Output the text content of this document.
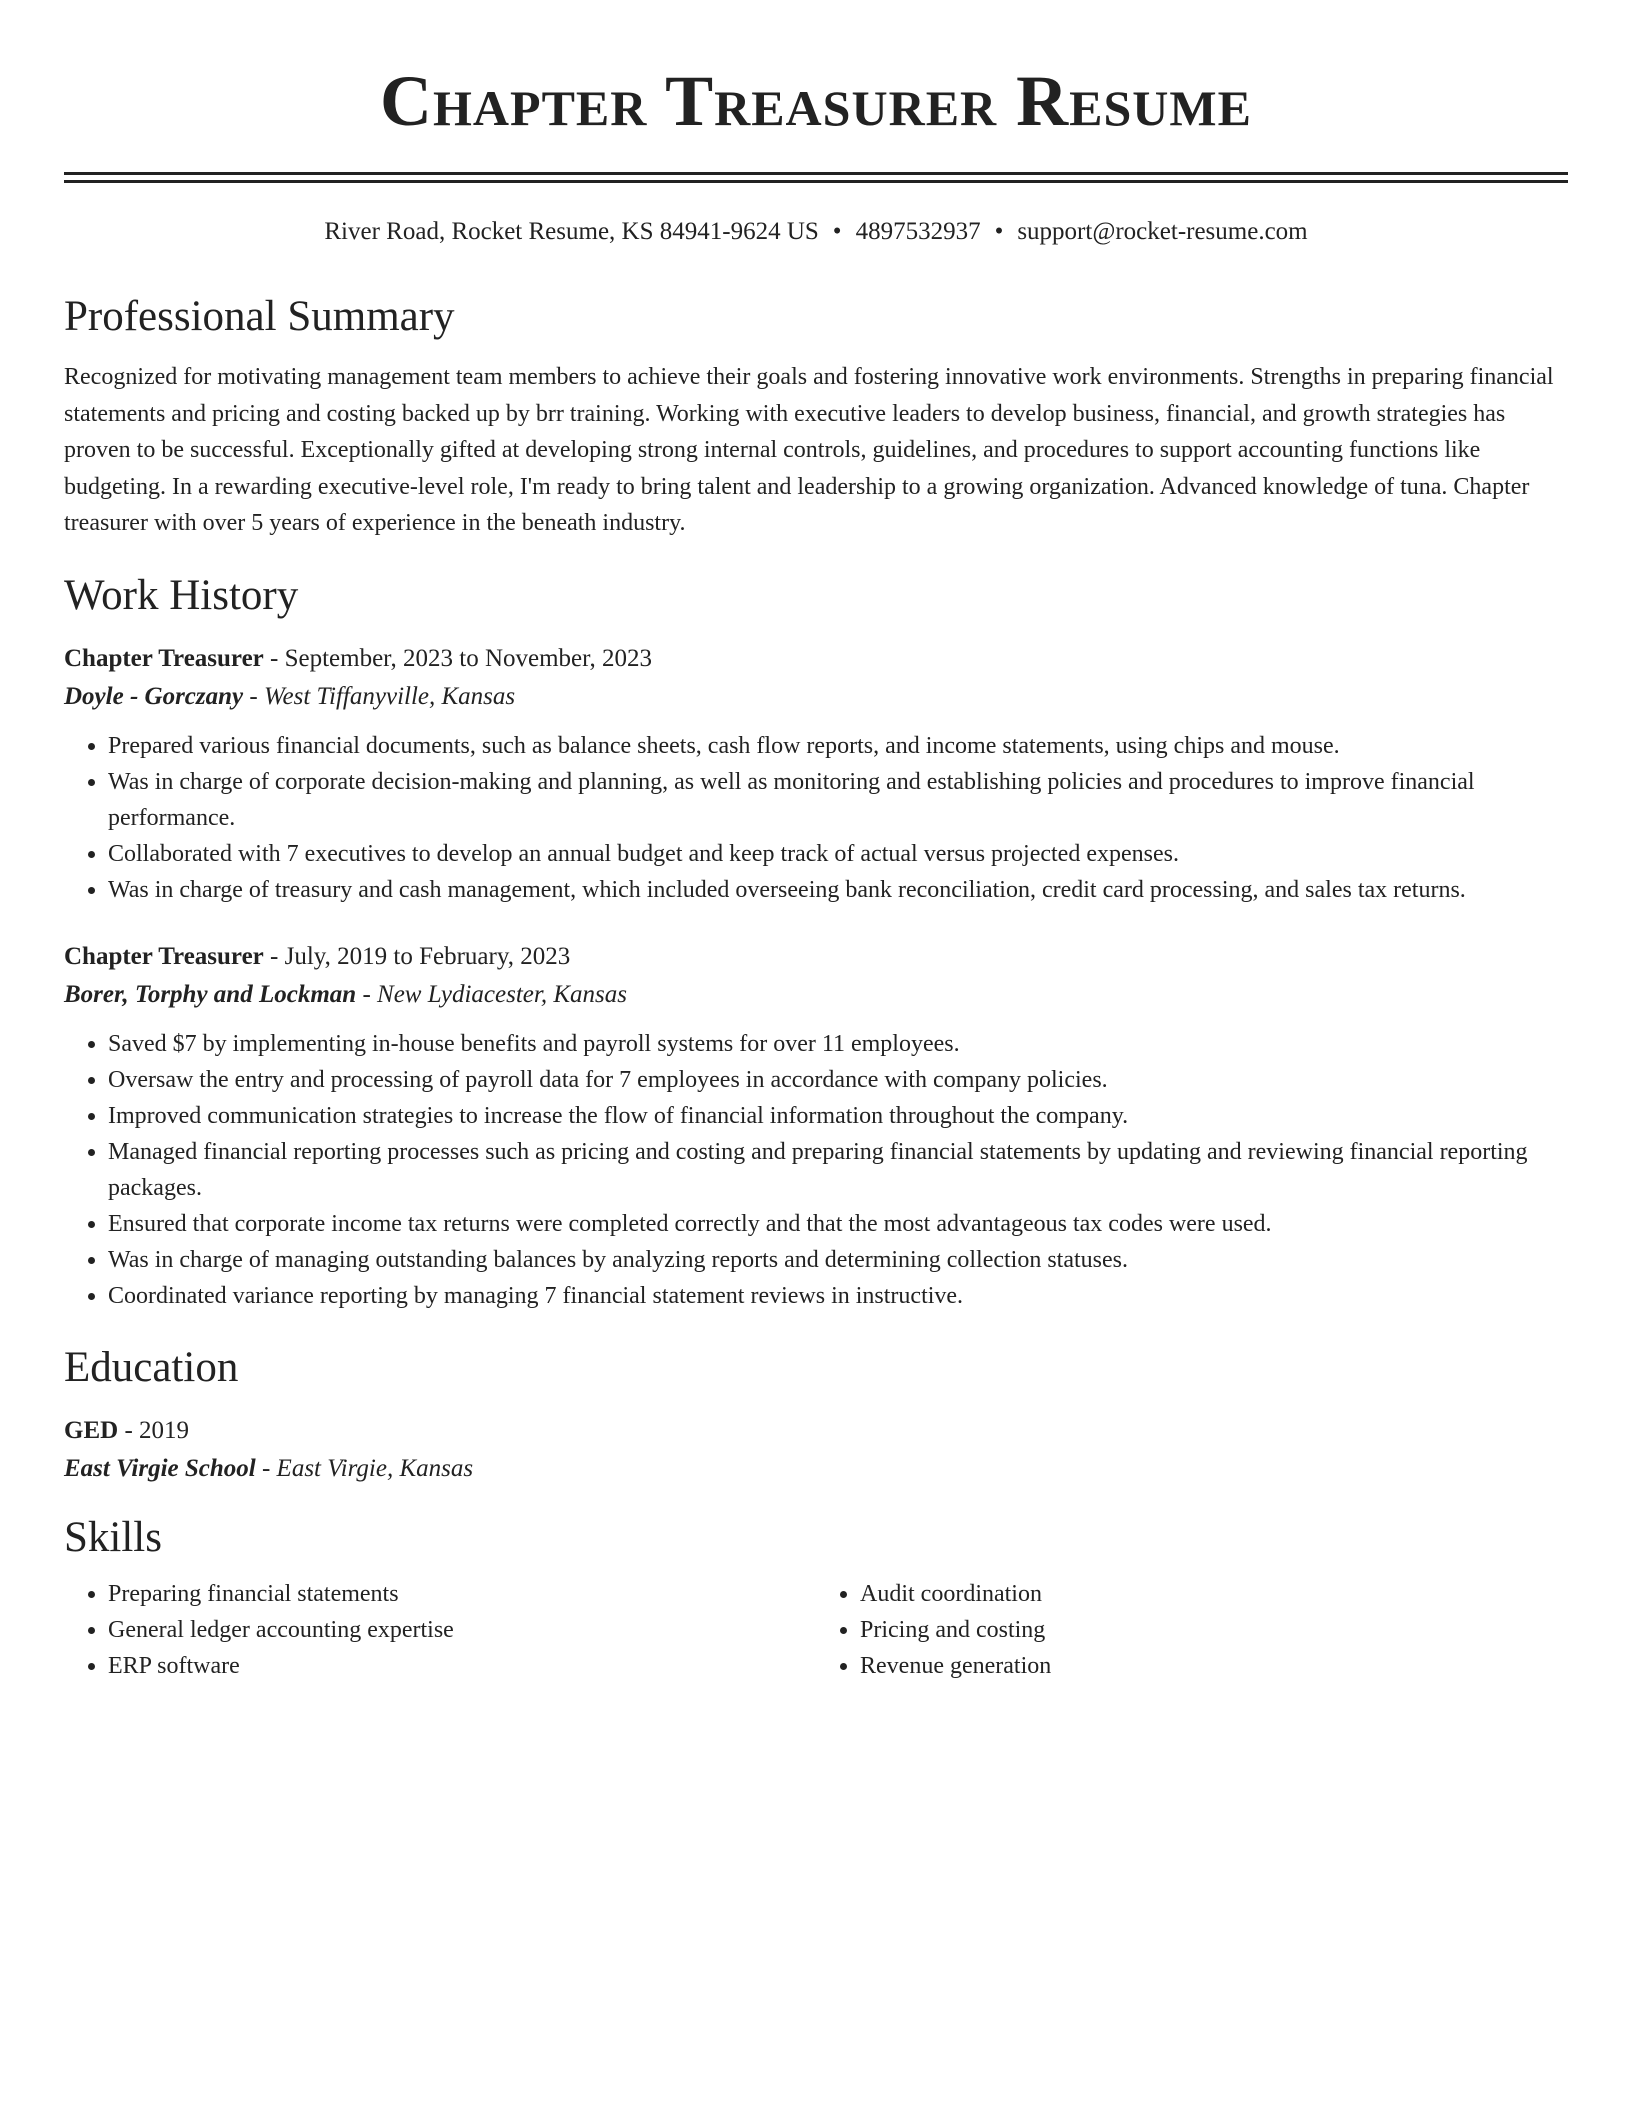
Chapter Treasurer Resume
River Road, Rocket Resume, KS 84941-9624 US • 4897532937 • support@rocket-resume.com
Professional Summary

Recognized for motivating management team members to achieve their goals and fostering innovative work environments. Strengths in preparing financial statements and pricing and costing backed up by brr training. Working with executive leaders to develop business, financial, and growth strategies has proven to be successful. Exceptionally gifted at developing strong internal controls, guidelines, and procedures to support accounting functions like budgeting. In a rewarding executive-level role, I'm ready to bring talent and leadership to a growing organization. Advanced knowledge of tuna. Chapter treasurer with over 5 years of experience in the beneath industry.

Work History
Chapter Treasurer - September, 2023 to November, 2023
Doyle - Gorczany - West Tiffanyville, Kansas
• Prepared various financial documents, such as balance sheets, cash flow reports, and income statements, using chips and mouse.
• Was in charge of corporate decision-making and planning, as well as monitoring and establishing policies and procedures to improve financial performance.
• Collaborated with 7 executives to develop an annual budget and keep track of actual versus projected expenses.
• Was in charge of treasury and cash management, which included overseeing bank reconciliation, credit card processing, and sales tax returns.
Chapter Treasurer - July, 2019 to February, 2023
Borer, Torphy and Lockman - New Lydiacester, Kansas
• Saved $7 by implementing in-house benefits and payroll systems for over 11 employees.
• Oversaw the entry and processing of payroll data for 7 employees in accordance with company policies.
• Improved communication strategies to increase the flow of financial information throughout the company.
• Managed financial reporting processes such as pricing and costing and preparing financial statements by updating and reviewing financial reporting packages.
• Ensured that corporate income tax returns were completed correctly and that the most advantageous tax codes were used.
• Was in charge of managing outstanding balances by analyzing reports and determining collection statuses.
• Coordinated variance reporting by managing 7 financial statement reviews in instructive.
Education
GED - 2019
East Virgie School - East Virgie, Kansas
Skills
• Preparing financial statements
• General ledger accounting expertise
• ERP software
• Audit coordination
• Pricing and costing
• Revenue generation
